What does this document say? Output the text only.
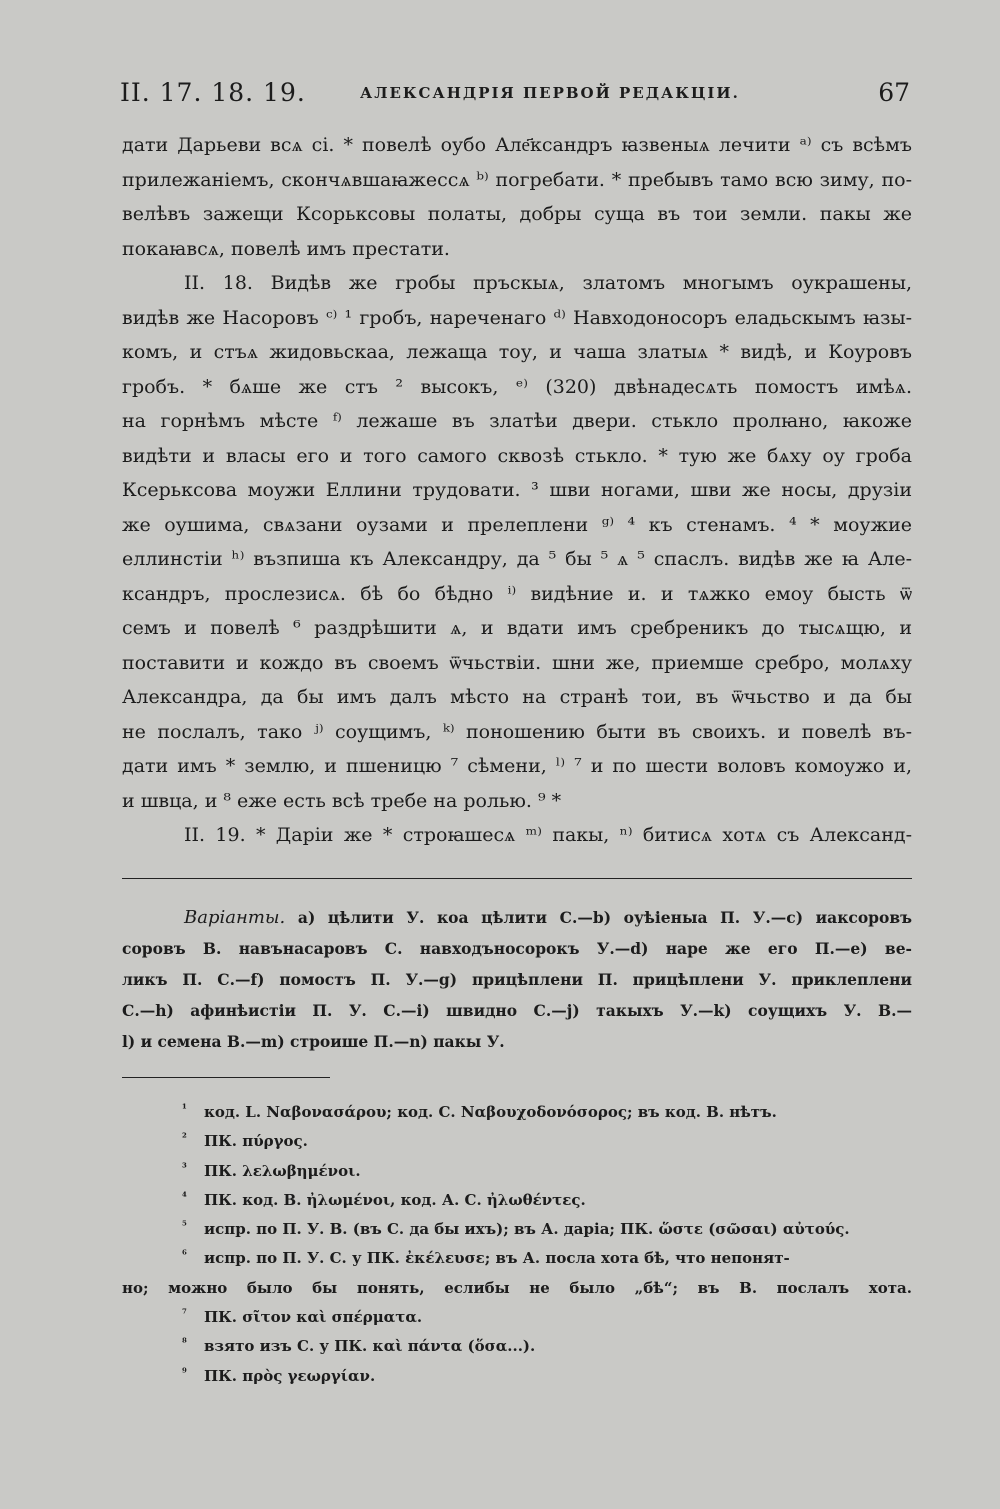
II. 17. 18. 19.	АЛЕКСАНДРІЯ ПЕРВОЙ РЕДАКЦІИ.	67
дати Дарьеви всѧ сі. * повелѣ оубо Але҃ксандръ ꙗзвеныѧ лечити ᵃ⁾ съ всѣмъ
прилежаніемъ, скончѧвшаꙗжессѧ ᵇ⁾ погребати. * пребывъ тамо всю зиму, по-
велѣвъ зажещи Ксорьксовы полаты, добры суща въ тои земли. пакы же
покаꙗвсѧ, повелѣ имъ престати.
II. 18. Видѣв же гробы пръскыѧ, златомъ многымъ оукрашены,
видѣв же Насоровъ ᶜ⁾ ¹ гробъ, нареченаго ᵈ⁾ Навходоносоръ еладьскымъ ꙗзы-
комъ, и стъѧ жидовьскаа, лежаща тоу, и чаша златыѧ * видѣ, и Коуровъ
гробъ. * бѧше же стъ ² высокъ, ᵉ⁾ (320) двѣнадесѧть помостъ имѣѧ.
на горнѣмъ мѣсте ᶠ⁾ лежаше въ златѣи двери. стькло пролꙗно, ꙗкоже
видѣти и власы его и того самого сквозѣ стькло. * тую же бѧху оу гроба
Ксерьксова моужи Еллини трудовати. ³ шви ногами, шви же носы, друзіи
же оушима, свѧзани оузами и прелеплени ᵍ⁾ ⁴ къ стенамъ. ⁴ * моужие
еллинстіи ʰ⁾ възпиша къ Александру, да ⁵ бы ⁵ ѧ ⁵ спаслъ. видѣв же ꙗ Але-
ксандръ, прослезисѧ. бѣ бо бѣдно ⁱ⁾ видѣние и. и тѧжко емоу бысть ѿ
семъ и повелѣ ⁶ раздрѣшити ѧ, и вдати имъ сребреникъ до тысѧщю, и
поставити и кождо въ своемъ ѿчьствіи. шни же, приемше сребро, молѧху
Александра, да бы имъ далъ мѣсто на странѣ тои, въ ѿчьство и да бы
не послалъ, тако ʲ⁾ соущимъ, ᵏ⁾ поношению быти въ своихъ. и повелѣ въ-
дати имъ * землю, и пшеницю ⁷ сѣмени, ˡ⁾ ⁷ и по шести воловъ комоужо и,
и швца, и ⁸ еже есть всѣ требе на ролью. ⁹ *
II. 19. * Даріи же * строꙗшесѧ ᵐ⁾ пакы, ⁿ⁾ битисѧ хотѧ съ Александ-
Варіанты. a) цѣлити У. коа цѣлити С.—b) оуѣіеныа П. У.—с) иаксоровъ
соровъ В. навънасаровъ С. навходъносорокъ У.—d) наре же его П.—е) ве-
ликъ П. С.—f) помостъ П. У.—g) прицѣплени П. прицѣплени У. приклеплени
С.—h) афинѣистіи П. У. С.—i) швидно С.—j) такыхъ У.—k) соущихъ У. В.—
l) и семена В.—m) строише П.—n) пакы У.
¹ код. L. Ναβονασάρου; код. С. Ναβουχοδονόσορος; въ код. В. нѣтъ.
² ПК. πύργος.
³ ПК. λελωβημένοι.
⁴ ПК. код. В. ἠλωμένοι, код. А. С. ἠλωθέντες.
⁵ испр. по П. У. В. (въ С. да бы ихъ); въ А. даріа; ПК. ὥστε (σῶσαι) αὐτούς.
⁶ испр. по П. У. С. у ПК. ἐκέλευσε; въ А. посла хота бѣ, что непонят-
но; можно было бы понять, еслибы не было „бѣ“; въ В. послалъ хота.
⁷ ПК. σῖτον καὶ σπέρματα.
⁸ взято изъ С. у ПК. καὶ πάντα (ὅσα...).
⁹ ПК. πρὸς γεωργίαν.
